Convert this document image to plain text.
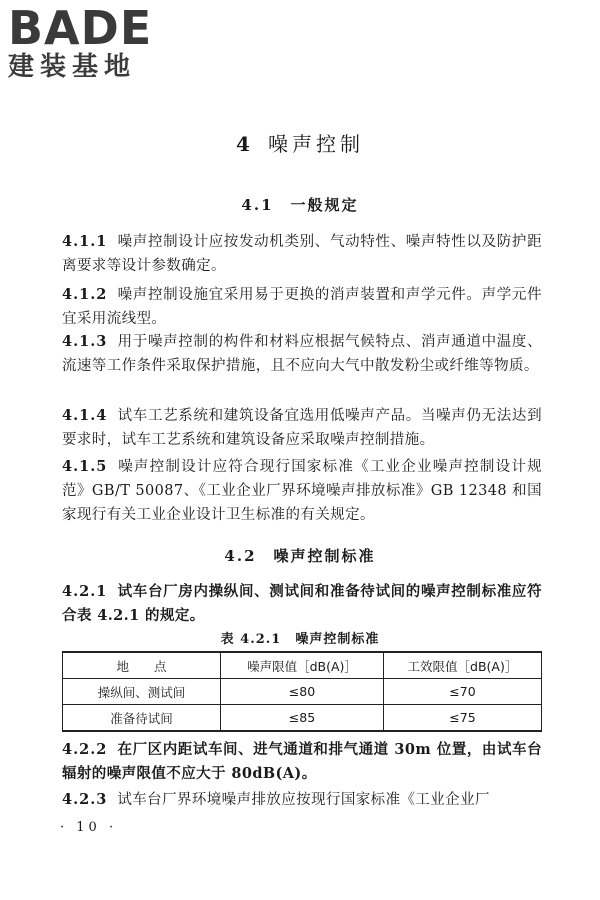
BADE
建装基地
4 噪声控制
4.1　 一般规定
4.1.1 噪声控制设计应按发动机类别、气动特性、噪声特性以及防护距离要求等设计参数确定。
4.1.2 噪声控制设施宜采用易于更换的消声装置和声学元件。声学元件宜采用流线型。
4.1.3 用于噪声控制的构件和材料应根据气候特点、消声通道中温度、流速等工作条件采取保护措施，且不应向大气中散发粉尘或纤维等物质。
4.1.4 试车工艺系统和建筑设备宜选用低噪声产品。当噪声仍无法达到要求时，试车工艺系统和建筑设备应采取噪声控制措施。
4.1.5 噪声控制设计应符合现行国家标准《工业企业噪声控制设计规范》GB/T 50087、《工业企业厂界环境噪声排放标准》GB 12348 和国家现行有关工业企业设计卫生标准的有关规定。
4.2　 噪声控制标准
4.2.1 试车台厂房内操纵间、测试间和准备待试间的噪声控制标准应符合表 4.2.1 的规定。
表 4.2.1　噪声控制标准
地　　点	噪声限值［dB(A)］	工效限值［dB(A)］
操纵间、测试间	≤80	≤70
准备待试间	≤85	≤75
4.2.2 在厂区内距试车间、进气通道和排气通道 30m 位置，由试车台辐射的噪声限值不应大于 80dB(A)。
4.2.3 试车台厂界环境噪声排放应按现行国家标准《工业企业厂
· 10 ·
